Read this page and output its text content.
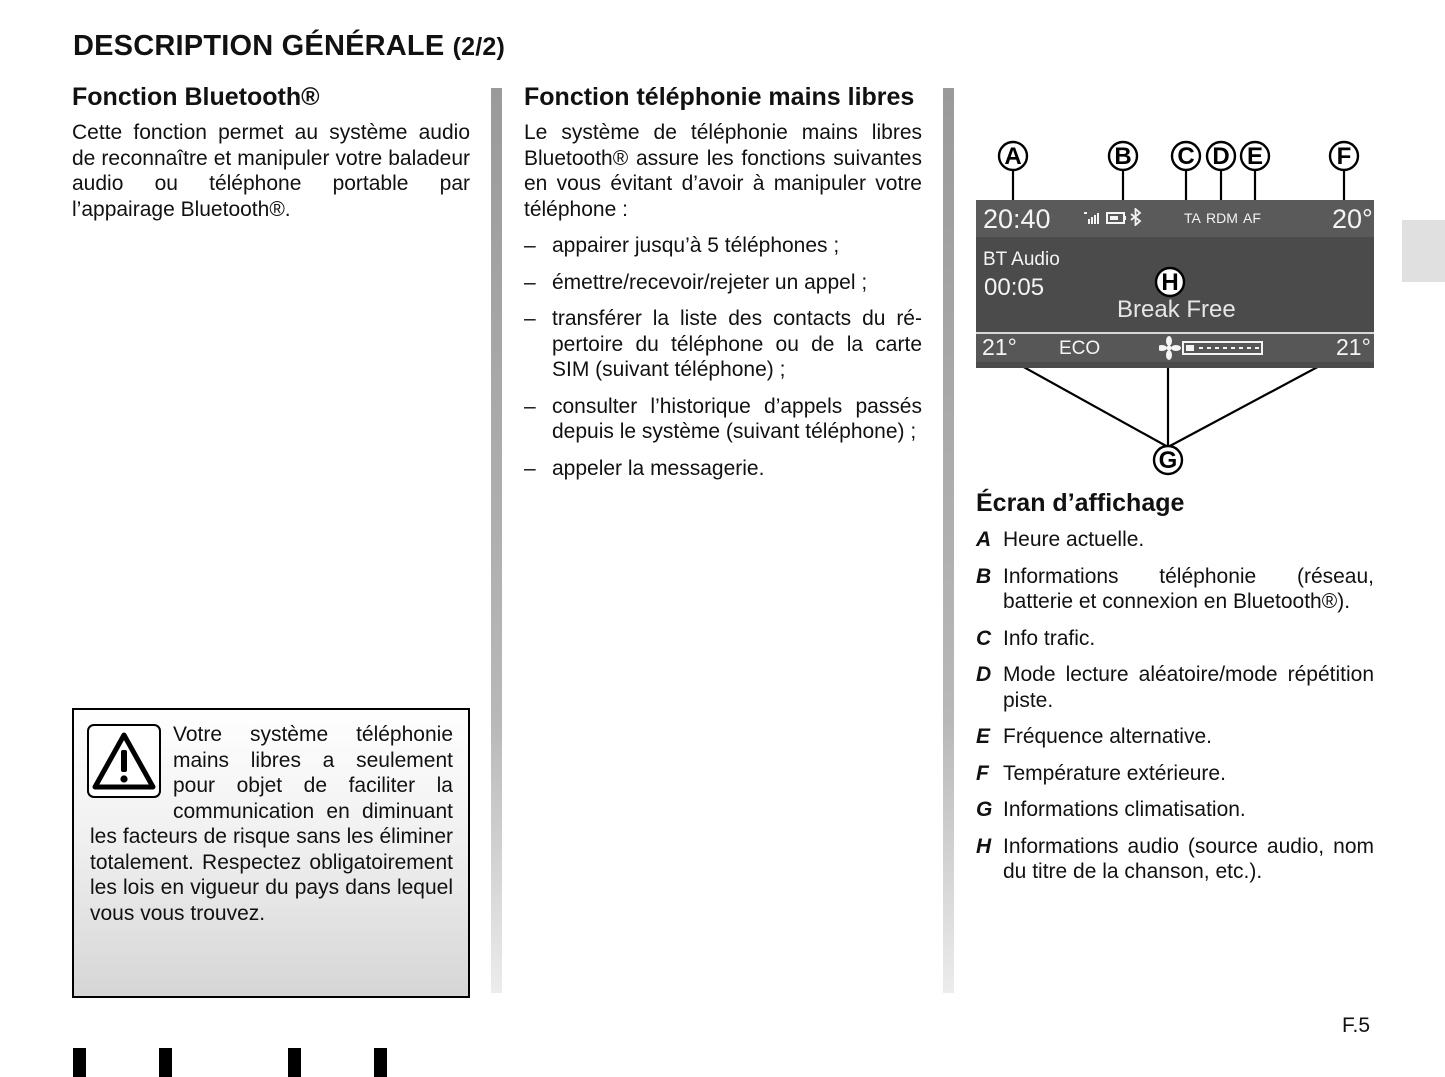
DESCRIPTION GÉNÉRALE (2/2)
Fonction Bluetooth®

Cette fonction permet au système audio de reconnaître et manipuler votre baladeur audio ou téléphone portable par l’appairage Bluetooth®.

Votre système téléphonie mains libres a seulement pour objet de faciliter la communication en diminuant les facteurs de risque sans les éliminer totalement. Respectez obligatoirement les lois en vigueur du pays dans lequel vous vous trouvez.
Fonction téléphonie mains libres

Le système de téléphonie mains libres Bluetooth® assure les fonctions suivantes en vous évitant d’avoir à manipuler votre téléphone :

– appairer jusqu’à 5 téléphones ;
– émettre/recevoir/rejeter un appel ;
– transférer la liste des contacts du répertoire du téléphone ou de la carte SIM (suivant téléphone) ;
– consulter l’historique d’appels passés depuis le système (suivant téléphone) ;
– appeler la messagerie.
A	B C D E	F
G
20:40	TA RDM AF	20°
BT Audio
00:05
Break Free
21° ECO	21°
H
Écran d’affichage
A Heure actuelle.
B Informations téléphonie (réseau, batterie et connexion en Bluetooth®).
C Info trafic.
D Mode lecture aléatoire/mode répétition piste.
E Fréquence alternative.
F Température extérieure.
G Informations climatisation.
H Informations audio (source audio, nom du titre de la chanson, etc.).
F.5
